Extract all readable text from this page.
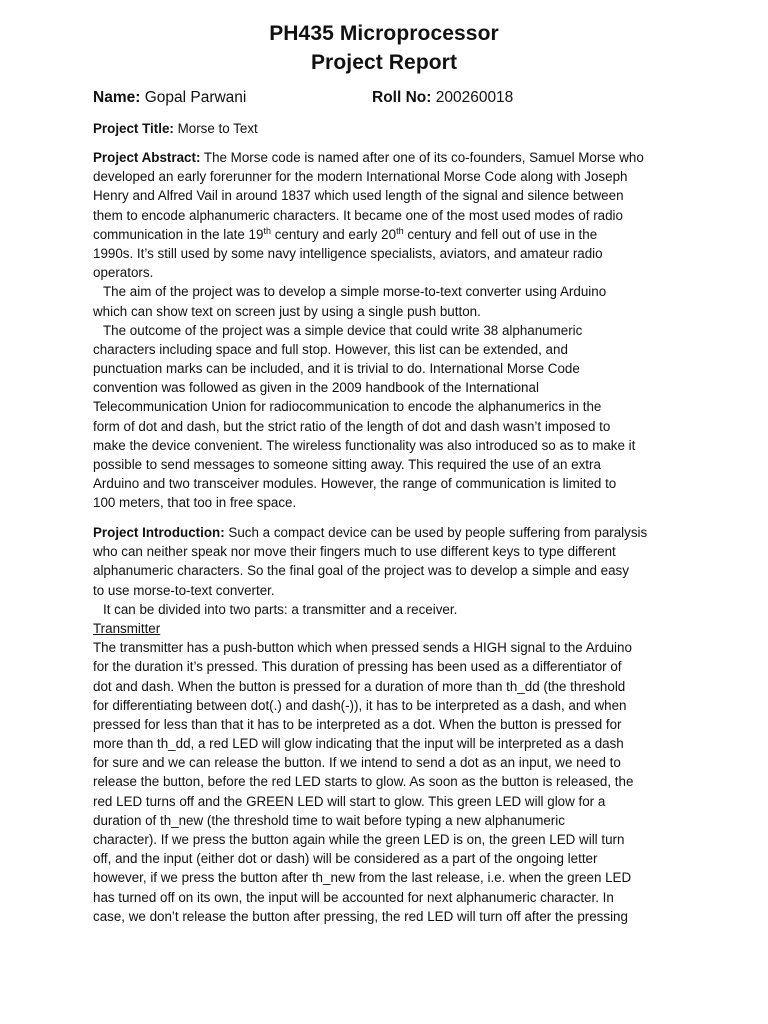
PH435 Microprocessor
Project Report
Name: Gopal Parwani	Roll No: 200260018
Project Title: Morse to Text
Project Abstract: The Morse code is named after one of its co-founders, Samuel Morse who
developed an early forerunner for the modern International Morse Code along with Joseph
Henry and Alfred Vail in around 1837 which used length of the signal and silence between
them to encode alphanumeric characters. It became one of the most used modes of radio
communication in the late 19th century and early 20th century and fell out of use in the
1990s. It’s still used by some navy intelligence specialists, aviators, and amateur radio
operators.
The aim of the project was to develop a simple morse-to-text converter using Arduino
which can show text on screen just by using a single push button.
The outcome of the project was a simple device that could write 38 alphanumeric
characters including space and full stop. However, this list can be extended, and
punctuation marks can be included, and it is trivial to do. International Morse Code
convention was followed as given in the 2009 handbook of the International
Telecommunication Union for radiocommunication to encode the alphanumerics in the
form of dot and dash, but the strict ratio of the length of dot and dash wasn’t imposed to
make the device convenient. The wireless functionality was also introduced so as to make it
possible to send messages to someone sitting away. This required the use of an extra
Arduino and two transceiver modules. However, the range of communication is limited to
100 meters, that too in free space.
Project Introduction: Such a compact device can be used by people suffering from paralysis
who can neither speak nor move their fingers much to use different keys to type different
alphanumeric characters. So the final goal of the project was to develop a simple and easy
to use morse-to-text converter.
It can be divided into two parts: a transmitter and a receiver.
Transmitter
The transmitter has a push-button which when pressed sends a HIGH signal to the Arduino
for the duration it’s pressed. This duration of pressing has been used as a differentiator of
dot and dash. When the button is pressed for a duration of more than th_dd (the threshold
for differentiating between dot(.) and dash(-)), it has to be interpreted as a dash, and when
pressed for less than that it has to be interpreted as a dot. When the button is pressed for
more than th_dd, a red LED will glow indicating that the input will be interpreted as a dash
for sure and we can release the button. If we intend to send a dot as an input, we need to
release the button, before the red LED starts to glow. As soon as the button is released, the
red LED turns off and the GREEN LED will start to glow. This green LED will glow for a
duration of th_new (the threshold time to wait before typing a new alphanumeric
character). If we press the button again while the green LED is on, the green LED will turn
off, and the input (either dot or dash) will be considered as a part of the ongoing letter
however, if we press the button after th_new from the last release, i.e. when the green LED
has turned off on its own, the input will be accounted for next alphanumeric character. In
case, we don’t release the button after pressing, the red LED will turn off after the pressing
